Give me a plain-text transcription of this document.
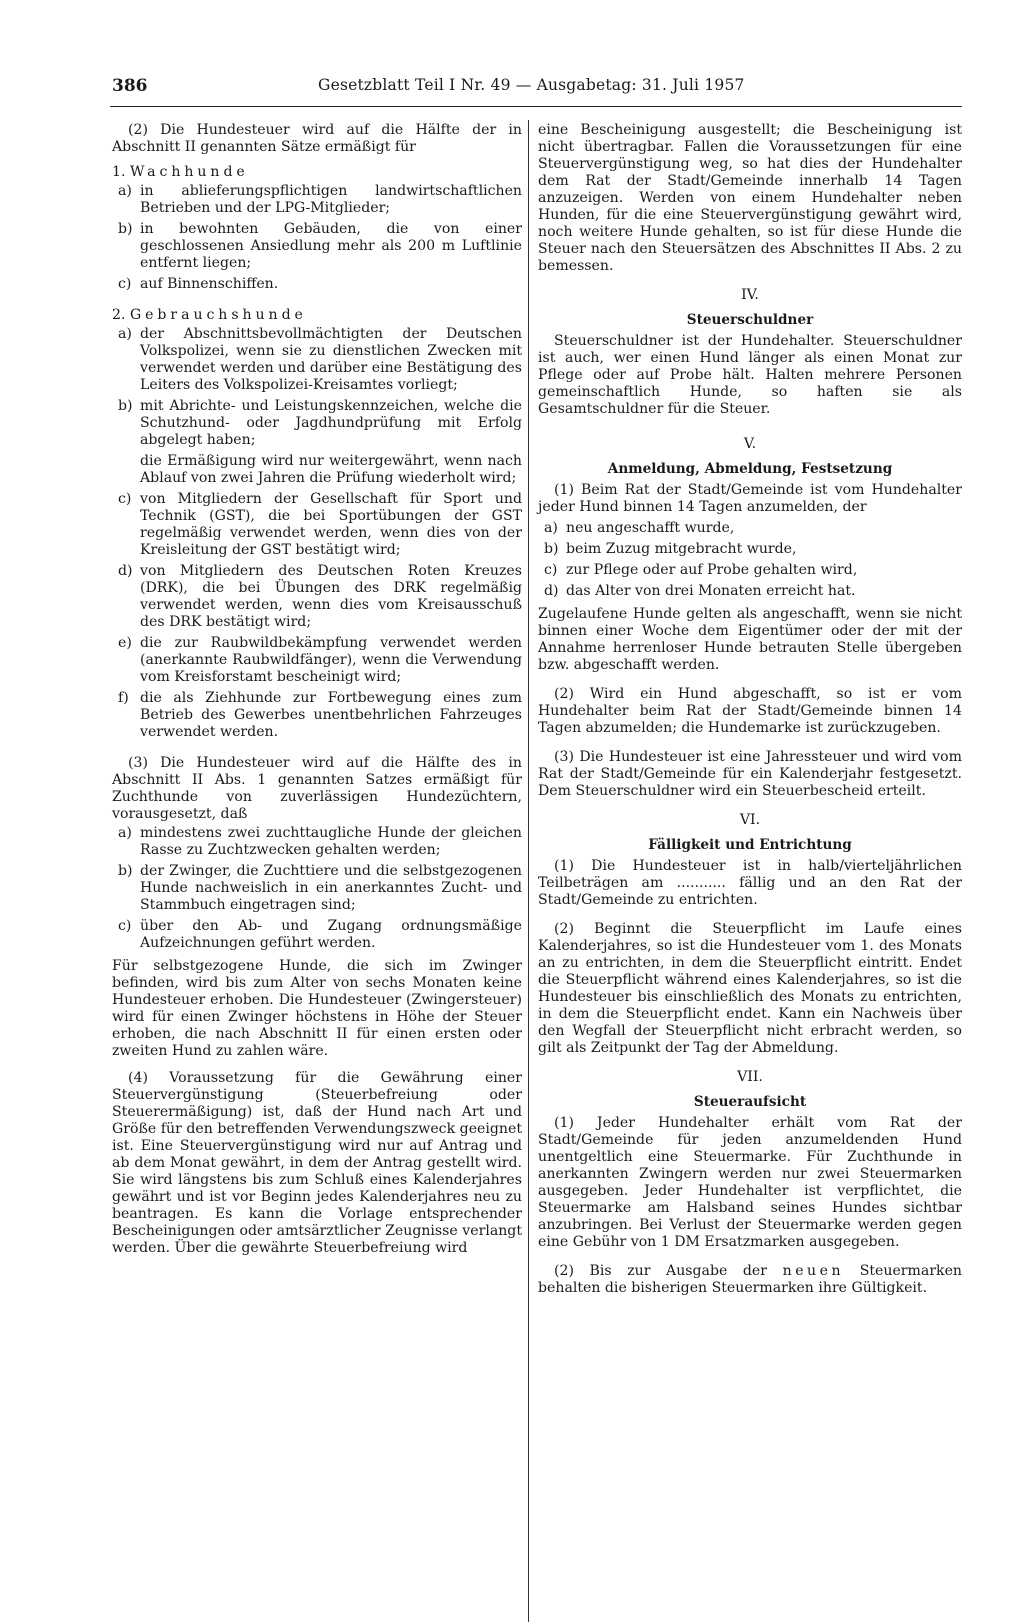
386	Gesetzblatt Teil I Nr. 49 — Ausgabetag: 31. Juli 1957

(2) Die Hundesteuer wird auf die Hälfte der in Abschnitt II genannten Sätze ermäßigt für

1. Wachhunde
a) in ablieferungspflichtigen landwirtschaftlichen Betrieben und der LPG-Mitglieder;
b) in bewohnten Gebäuden, die von einer geschlossenen Ansiedlung mehr als 200 m Luftlinie entfernt liegen;
c) auf Binnenschiffen.
2. Gebrauchshunde
a) der Abschnittsbevollmächtigten der Deutschen Volkspolizei, wenn sie zu dienstlichen Zwecken mit verwendet werden und darüber eine Bestätigung des Leiters des Volkspolizei-Kreisamtes vorliegt;
b) mit Abrichte- und Leistungskennzeichen, welche die Schutzhund- oder Jagdhundprüfung mit Erfolg abgelegt haben;
die Ermäßigung wird nur weitergewährt, wenn nach Ablauf von zwei Jahren die Prüfung wiederholt wird;
c) von Mitgliedern der Gesellschaft für Sport und Technik (GST), die bei Sportübungen der GST regelmäßig verwendet werden, wenn dies von der Kreisleitung der GST bestätigt wird;
d) von Mitgliedern des Deutschen Roten Kreuzes (DRK), die bei Übungen des DRK regelmäßig verwendet werden, wenn dies vom Kreisausschuß des DRK bestätigt wird;
e) die zur Raubwildbekämpfung verwendet werden (anerkannte Raubwildfänger), wenn die Verwendung vom Kreisforstamt bescheinigt wird;
f) die als Ziehhunde zur Fortbewegung eines zum Betrieb des Gewerbes unentbehrlichen Fahrzeuges verwendet werden.

(3) Die Hundesteuer wird auf die Hälfte des in Abschnitt II Abs. 1 genannten Satzes ermäßigt für Zuchthunde von zuverlässigen Hundezüchtern, vorausgesetzt, daß

a) mindestens zwei zuchttaugliche Hunde der gleichen Rasse zu Zuchtzwecken gehalten werden;
b) der Zwinger, die Zuchttiere und die selbstgezogenen Hunde nachweislich in ein anerkanntes Zucht- und Stammbuch eingetragen sind;
c) über den Ab- und Zugang ordnungsmäßige Aufzeichnungen geführt werden.

Für selbstgezogene Hunde, die sich im Zwinger befinden, wird bis zum Alter von sechs Monaten keine Hundesteuer erhoben. Die Hundesteuer (Zwingersteuer) wird für einen Zwinger höchstens in Höhe der Steuer erhoben, die nach Abschnitt II für einen ersten oder zweiten Hund zu zahlen wäre.

(4) Voraussetzung für die Gewährung einer Steuervergünstigung (Steuerbefreiung oder Steuerermäßigung) ist, daß der Hund nach Art und Größe für den betreffenden Verwendungszweck geeignet ist. Eine Steuervergünstigung wird nur auf Antrag und ab dem Monat gewährt, in dem der Antrag gestellt wird. Sie wird längstens bis zum Schluß eines Kalenderjahres gewährt und ist vor Beginn jedes Kalenderjahres neu zu beantragen. Es kann die Vorlage entsprechender Bescheinigungen oder amtsärztlicher Zeugnisse verlangt werden. Über die gewährte Steuerbefreiung wird

eine Bescheinigung ausgestellt; die Bescheinigung ist nicht übertragbar. Fallen die Voraussetzungen für eine Steuervergünstigung weg, so hat dies der Hundehalter dem Rat der Stadt/Gemeinde innerhalb 14 Tagen anzuzeigen. Werden von einem Hundehalter neben Hunden, für die eine Steuervergünstigung gewährt wird, noch weitere Hunde gehalten, so ist für diese Hunde die Steuer nach den Steuersätzen des Abschnittes II Abs. 2 zu bemessen.

IV.
Steuerschuldner

Steuerschuldner ist der Hundehalter. Steuerschuldner ist auch, wer einen Hund länger als einen Monat zur Pflege oder auf Probe hält. Halten mehrere Personen gemeinschaftlich Hunde, so haften sie als Gesamtschuldner für die Steuer.

V.
Anmeldung, Abmeldung, Festsetzung

(1) Beim Rat der Stadt/Gemeinde ist vom Hundehalter jeder Hund binnen 14 Tagen anzumelden, der

a) neu angeschafft wurde,
b) beim Zuzug mitgebracht wurde,
c) zur Pflege oder auf Probe gehalten wird,
d) das Alter von drei Monaten erreicht hat.

Zugelaufene Hunde gelten als angeschafft, wenn sie nicht binnen einer Woche dem Eigentümer oder der mit der Annahme herrenloser Hunde betrauten Stelle übergeben bzw. abgeschafft werden.

(2) Wird ein Hund abgeschafft, so ist er vom Hundehalter beim Rat der Stadt/Gemeinde binnen 14 Tagen abzumelden; die Hundemarke ist zurückzugeben.

(3) Die Hundesteuer ist eine Jahressteuer und wird vom Rat der Stadt/Gemeinde für ein Kalenderjahr festgesetzt. Dem Steuerschuldner wird ein Steuerbescheid erteilt.

VI.
Fälligkeit und Entrichtung

(1) Die Hundesteuer ist in halb/vierteljährlichen Teilbeträgen am ........... fällig und an den Rat der Stadt/Gemeinde zu entrichten.

(2) Beginnt die Steuerpflicht im Laufe eines Kalenderjahres, so ist die Hundesteuer vom 1. des Monats an zu entrichten, in dem die Steuerpflicht eintritt. Endet die Steuerpflicht während eines Kalenderjahres, so ist die Hundesteuer bis einschließlich des Monats zu entrichten, in dem die Steuerpflicht endet. Kann ein Nachweis über den Wegfall der Steuerpflicht nicht erbracht werden, so gilt als Zeitpunkt der Tag der Abmeldung.

VII.
Steueraufsicht

(1) Jeder Hundehalter erhält vom Rat der Stadt/Gemeinde für jeden anzumeldenden Hund unentgeltlich eine Steuermarke. Für Zuchthunde in anerkannten Zwingern werden nur zwei Steuermarken ausgegeben. Jeder Hundehalter ist verpflichtet, die Steuermarke am Halsband seines Hundes sichtbar anzubringen. Bei Verlust der Steuermarke werden gegen eine Gebühr von 1 DM Ersatzmarken ausgegeben.

(2) Bis zur Ausgabe der neuen Steuermarken behalten die bisherigen Steuermarken ihre Gültigkeit.
